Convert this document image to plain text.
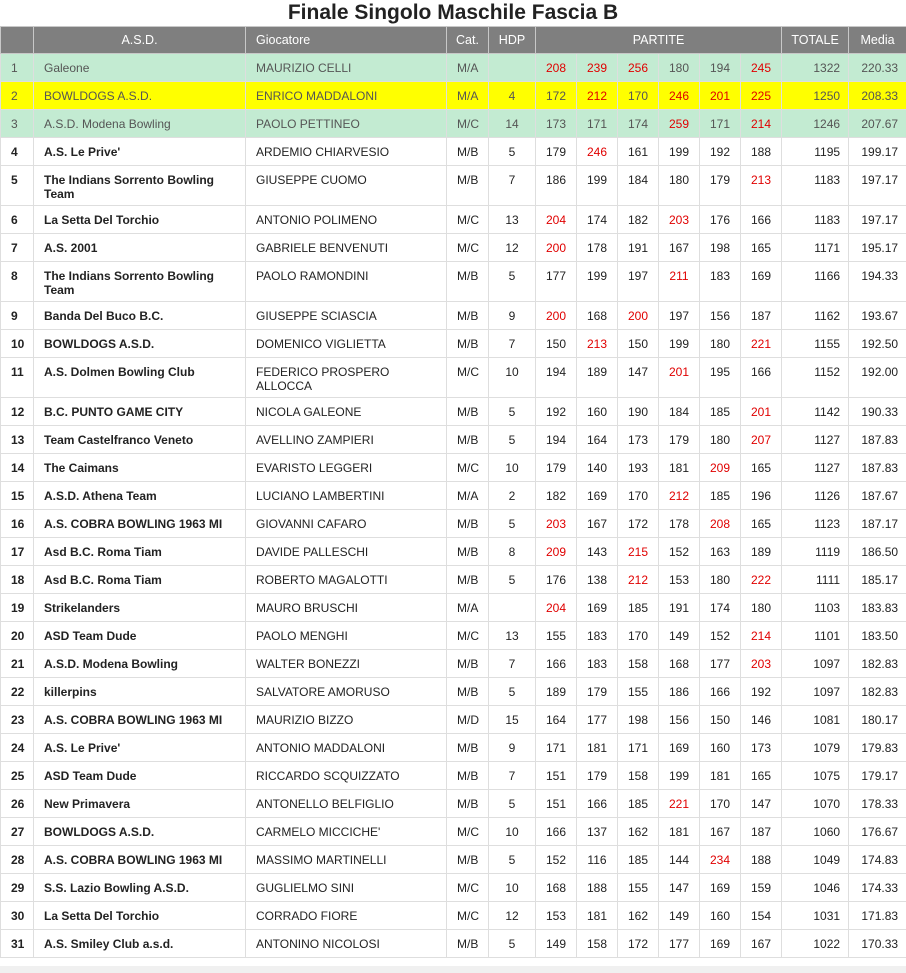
Finale Singolo Maschile Fascia B
	A.S.D.	Giocatore	Cat.	HDP	PARTITE						TOTALE	Media

1	Galeone	MAURIZIO CELLI	M/A		208	239	256	180	194	245	1322	220.33

2	BOWLDOGS A.S.D.	ENRICO MADDALONI	M/A	4	172	212	170	246	201	225	1250	208.33

3	A.S.D. Modena Bowling	PAOLO PETTINEO	M/C	14	173	171	174	259	171	214	1246	207.67

4	A.S. Le Prive'	ARDEMIO CHIARVESIO	M/B	5	179	246	161	199	192	188	1195	199.17

5	The Indians Sorrento Bowling Team	GIUSEPPE CUOMO	M/B	7	186	199	184	180	179	213	1183	197.17

6	La Setta Del Torchio	ANTONIO POLIMENO	M/C	13	204	174	182	203	176	166	1183	197.17

7	A.S. 2001	GABRIELE BENVENUTI	M/C	12	200	178	191	167	198	165	1171	195.17

8	The Indians Sorrento Bowling Team	PAOLO RAMONDINI	M/B	5	177	199	197	211	183	169	1166	194.33

9	Banda Del Buco B.C.	GIUSEPPE SCIASCIA	M/B	9	200	168	200	197	156	187	1162	193.67

10	BOWLDOGS A.S.D.	DOMENICO VIGLIETTA	M/B	7	150	213	150	199	180	221	1155	192.50

11	A.S. Dolmen Bowling Club	FEDERICO PROSPERO ALLOCCA	M/C	10	194	189	147	201	195	166	1152	192.00

12	B.C. PUNTO GAME CITY	NICOLA GALEONE	M/B	5	192	160	190	184	185	201	1142	190.33

13	Team Castelfranco Veneto	AVELLINO ZAMPIERI	M/B	5	194	164	173	179	180	207	1127	187.83

14	The Caimans	EVARISTO LEGGERI	M/C	10	179	140	193	181	209	165	1127	187.83

15	A.S.D. Athena Team	LUCIANO LAMBERTINI	M/A	2	182	169	170	212	185	196	1126	187.67

16	A.S. COBRA BOWLING 1963 MI	GIOVANNI CAFARO	M/B	5	203	167	172	178	208	165	1123	187.17

17	Asd B.C. Roma Tiam	DAVIDE PALLESCHI	M/B	8	209	143	215	152	163	189	1119	186.50

18	Asd B.C. Roma Tiam	ROBERTO MAGALOTTI	M/B	5	176	138	212	153	180	222	1111	185.17

19	Strikelanders	MAURO BRUSCHI	M/A		204	169	185	191	174	180	1103	183.83

20	ASD Team Dude	PAOLO MENGHI	M/C	13	155	183	170	149	152	214	1101	183.50

21	A.S.D. Modena Bowling	WALTER BONEZZI	M/B	7	166	183	158	168	177	203	1097	182.83

22	killerpins	SALVATORE AMORUSO	M/B	5	189	179	155	186	166	192	1097	182.83

23	A.S. COBRA BOWLING 1963 MI	MAURIZIO BIZZO	M/D	15	164	177	198	156	150	146	1081	180.17

24	A.S. Le Prive'	ANTONIO MADDALONI	M/B	9	171	181	171	169	160	173	1079	179.83

25	ASD Team Dude	RICCARDO SCQUIZZATO	M/B	7	151	179	158	199	181	165	1075	179.17

26	New Primavera	ANTONELLO BELFIGLIO	M/B	5	151	166	185	221	170	147	1070	178.33

27	BOWLDOGS A.S.D.	CARMELO MICCICHE'	M/C	10	166	137	162	181	167	187	1060	176.67

28	A.S. COBRA BOWLING 1963 MI	MASSIMO MARTINELLI	M/B	5	152	116	185	144	234	188	1049	174.83

29	S.S. Lazio Bowling A.S.D.	GUGLIELMO SINI	M/C	10	168	188	155	147	169	159	1046	174.33

30	La Setta Del Torchio	CORRADO FIORE	M/C	12	153	181	162	149	160	154	1031	171.83

31	A.S. Smiley Club a.s.d.	ANTONINO NICOLOSI	M/B	5	149	158	172	177	169	167	1022	170.33
